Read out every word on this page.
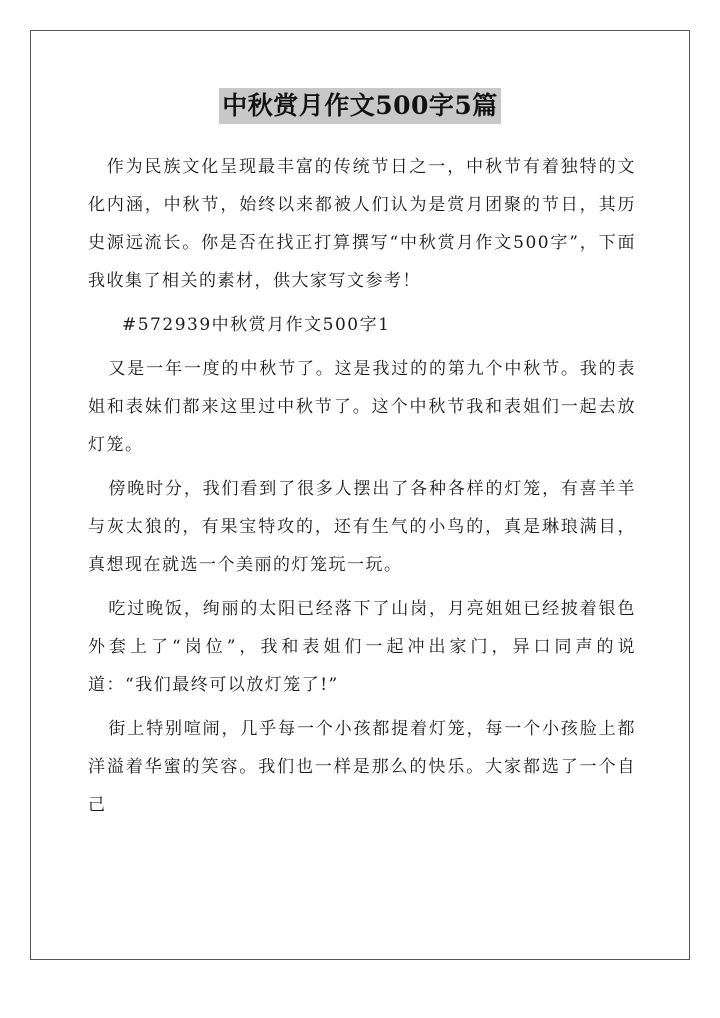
中秋赏月作文500字5篇

作为民族文化呈现最丰富的传统节日之一，中秋节有着独特的文化内涵，中秋节，始终以来都被人们认为是赏月团聚的节日，其历史源远流长。你是否在找正打算撰写“中秋赏月作文500字”，下面我收集了相关的素材，供大家写文参考！

#572939中秋赏月作文500字1

又是一年一度的中秋节了。这是我过的的第九个中秋节。我的表姐和表妹们都来这里过中秋节了。这个中秋节我和表姐们一起去放灯笼。

傍晚时分，我们看到了很多人摆出了各种各样的灯笼，有喜羊羊与灰太狼的，有果宝特攻的，还有生气的小鸟的，真是琳琅满目，真想现在就选一个美丽的灯笼玩一玩。

吃过晚饭，绚丽的太阳已经落下了山岗，月亮姐姐已经披着银色外套上了“岗位”，我和表姐们一起冲出家门，异口同声的说道：“我们最终可以放灯笼了!”

街上特别喧闹，几乎每一个小孩都提着灯笼，每一个小孩脸上都洋溢着华蜜的笑容。我们也一样是那么的快乐。大家都选了一个自己
